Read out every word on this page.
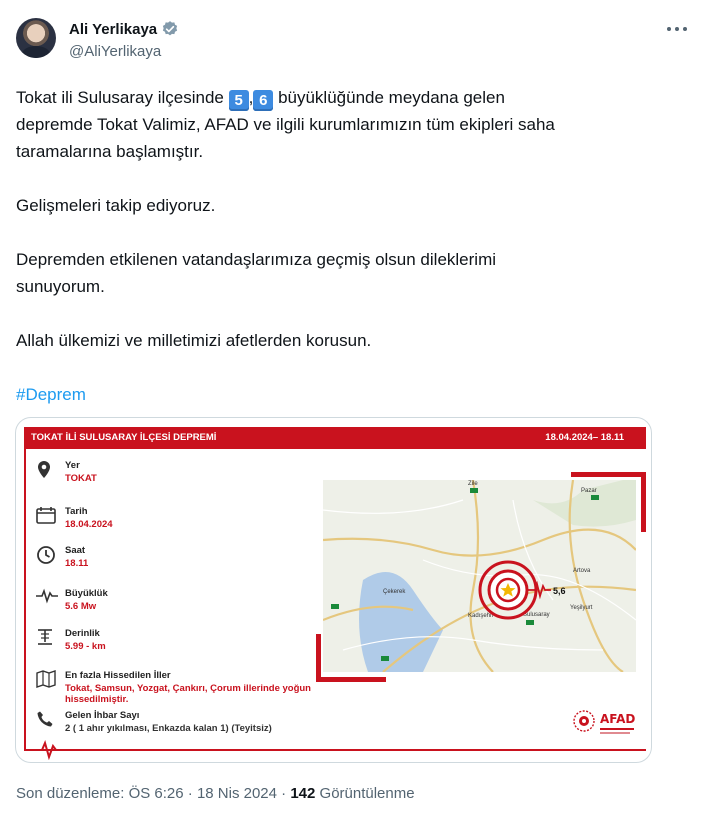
Ali Yerlikaya
@AliYerlikaya

Tokat ili Sulusaray ilçesinde 5 , 6 büyüklüğünde meydana gelen

depremde Tokat Valimiz, AFAD ve ilgili kurumlarımızın tüm ekipleri saha

taramalarına başlamıştır.

Gelişmeleri takip ediyoruz.

Depremden etkilenen vatandaşlarımıza geçmiş olsun dileklerimi

sunuyorum.

Allah ülkemizi ve milletimizi afetlerden korusun.

#Deprem

TOKAT İLİ SULUSARAY İLÇESİ DEPREMİ	18.04.2024– 18.11
Yer
TOKAT
Tarih
18.04.2024
Saat
18.11
Büyüklük
5.6 Mw
Derinlik
5.99 - km
En fazla Hissedilen İller
Tokat, Samsun, Yozgat, Çankırı, Çorum illerinde yoğun
hissedilmiştir.
Gelen İhbar Sayı
2 ( 1 ahır yıkılması, Enkazda kalan 1) (Teyitsiz)
Zile
Pazar
Çekerek
Artova
Kadışehri	Sulusaray
Yeşilyurt
5,6
AFAD
Son düzenleme: ÖS 6:26 · 18 Nis 2024 · 142 Görüntülenme
